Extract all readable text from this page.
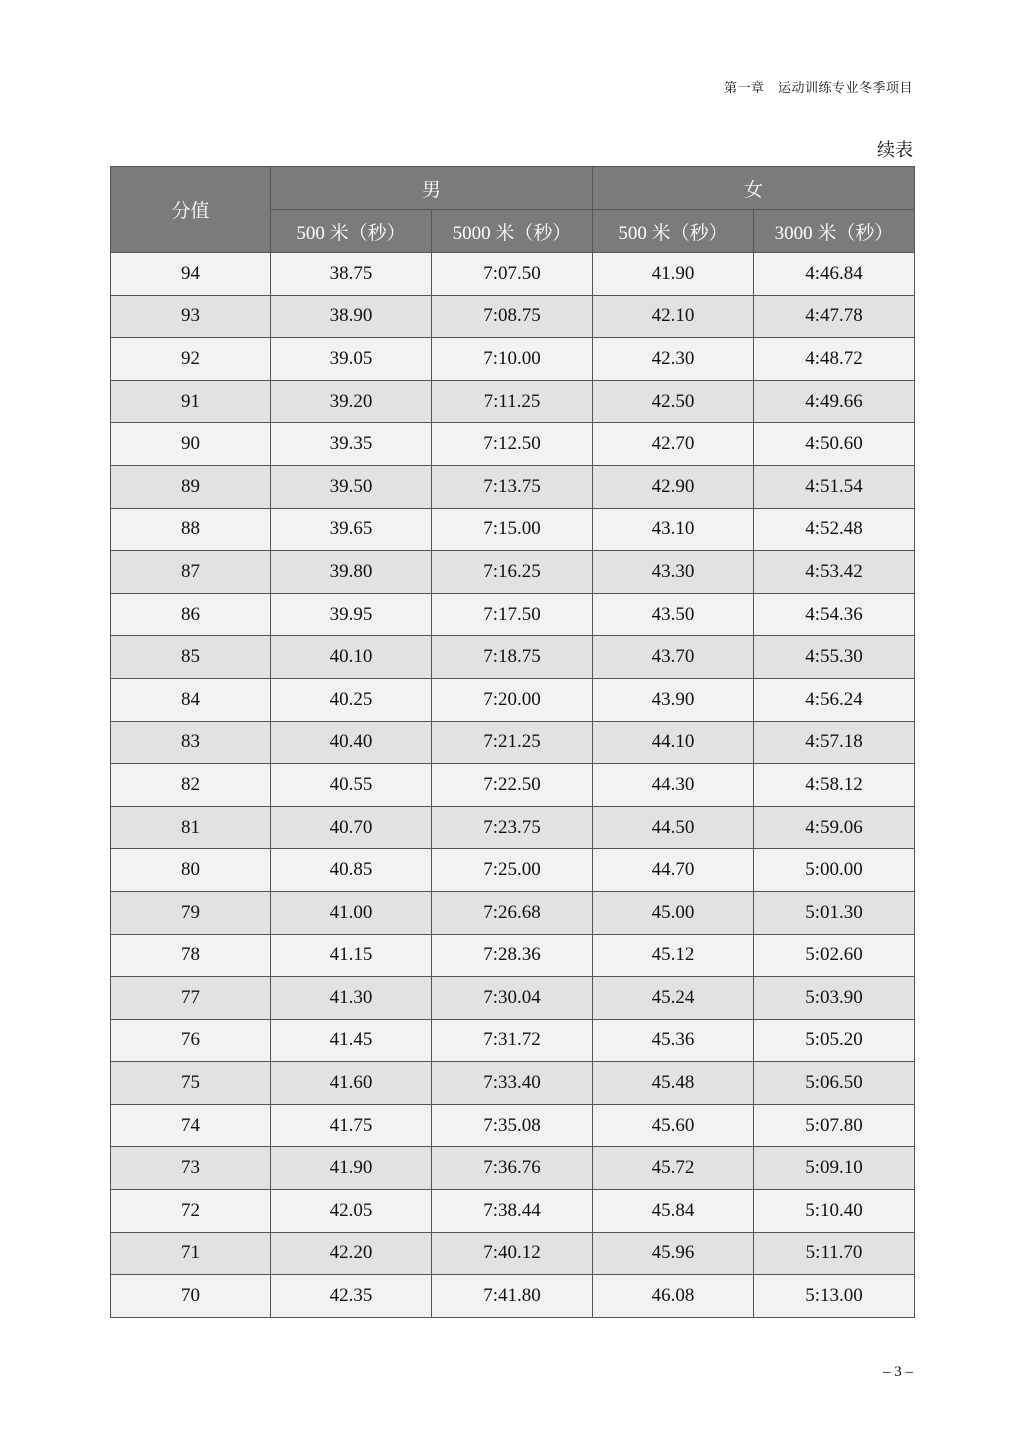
第一章　运动训练专业冬季项目
续表
分值	男		女	
	500 米（秒）	5000 米（秒）	500 米（秒）	3000 米（秒）
94	38.75	7:07.50	41.90	4:46.84
93	38.90	7:08.75	42.10	4:47.78
92	39.05	7:10.00	42.30	4:48.72
91	39.20	7:11.25	42.50	4:49.66
90	39.35	7:12.50	42.70	4:50.60
89	39.50	7:13.75	42.90	4:51.54
88	39.65	7:15.00	43.10	4:52.48
87	39.80	7:16.25	43.30	4:53.42
86	39.95	7:17.50	43.50	4:54.36
85	40.10	7:18.75	43.70	4:55.30
84	40.25	7:20.00	43.90	4:56.24
83	40.40	7:21.25	44.10	4:57.18
82	40.55	7:22.50	44.30	4:58.12
81	40.70	7:23.75	44.50	4:59.06
80	40.85	7:25.00	44.70	5:00.00
79	41.00	7:26.68	45.00	5:01.30
78	41.15	7:28.36	45.12	5:02.60
77	41.30	7:30.04	45.24	5:03.90
76	41.45	7:31.72	45.36	5:05.20
75	41.60	7:33.40	45.48	5:06.50
74	41.75	7:35.08	45.60	5:07.80
73	41.90	7:36.76	45.72	5:09.10
72	42.05	7:38.44	45.84	5:10.40
71	42.20	7:40.12	45.96	5:11.70
70	42.35	7:41.80	46.08	5:13.00
– 3 –
